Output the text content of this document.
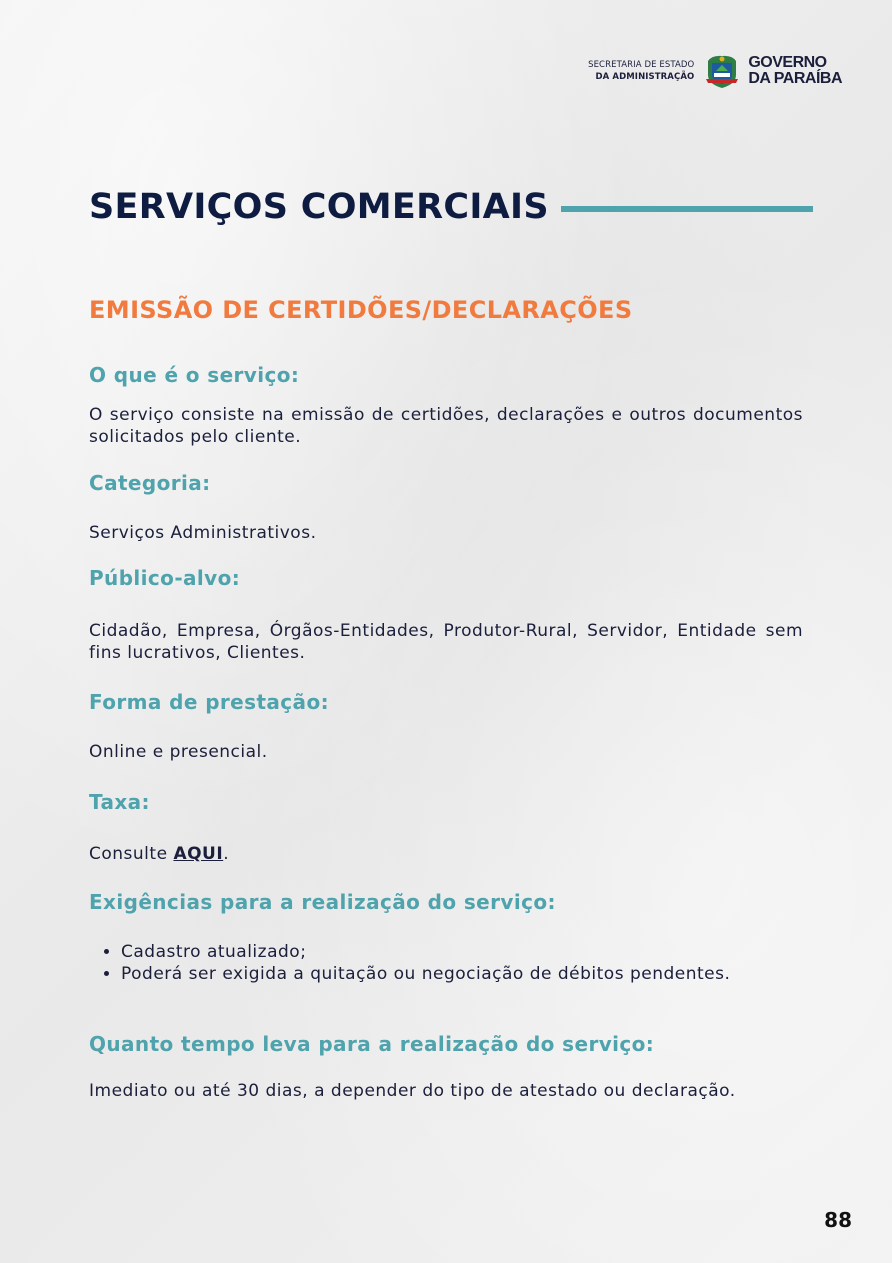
SECRETARIA DE ESTADO
DA ADMINISTRAÇÃO
GOVERNO
DA PARAÍBA
SERVIÇOS COMERCIAIS
EMISSÃO DE CERTIDÕES/DECLARAÇÕES
O que é o serviço:

O serviço consiste na emissão de certidões, declarações e outros documentos solicitados pelo cliente.

Categoria:

Serviços Administrativos.

Público-alvo:

Cidadão, Empresa, Órgãos-Entidades, Produtor-Rural, Servidor, Entidade sem fins lucrativos, Clientes.

Forma de prestação:

Online e presencial.

Taxa:

Consulte AQUI.

Exigências para a realização do serviço:
• Cadastro atualizado;
• Poderá ser exigida a quitação ou negociação de débitos pendentes.
Quanto tempo leva para a realização do serviço:

Imediato ou até 30 dias, a depender do tipo de atestado ou declaração.

88
